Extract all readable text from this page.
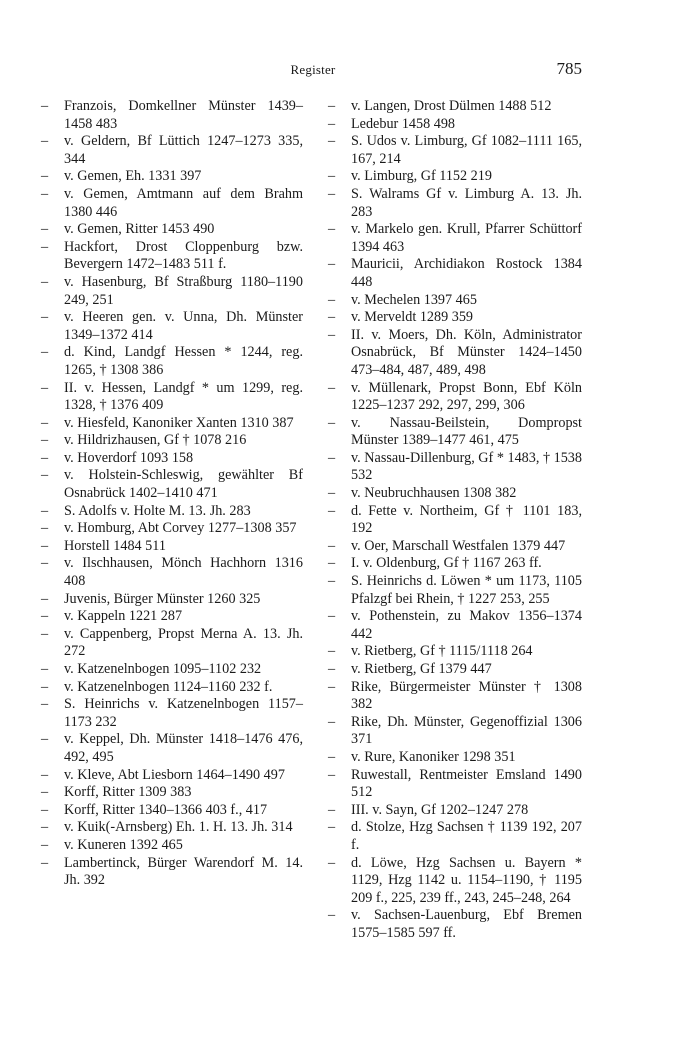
Register	785

– Franzois, Domkellner Münster 1439–1458 483

– v. Geldern, Bf Lüttich 1247–1273 335, 344

– v. Gemen, Eh. 1331 397

– v. Gemen, Amtmann auf dem Brahm 1380 446

– v. Gemen, Ritter 1453 490

– Hackfort, Drost Cloppenburg bzw. Bevergern 1472–1483 511 f.

– v. Hasenburg, Bf Straßburg 1180–1190 249, 251

– v. Heeren gen. v. Unna, Dh. Münster 1349–1372 414

– d. Kind, Landgf Hessen * 1244, reg. 1265, † 1308 386

– II. v. Hessen, Landgf * um 1299, reg. 1328, † 1376 409

– v. Hiesfeld, Kanoniker Xanten 1310 387

– v. Hildrizhausen, Gf † 1078 216

– v. Hoverdorf 1093 158

– v. Holstein-Schleswig, gewählter Bf Osnabrück 1402–1410 471

– S. Adolfs v. Holte M. 13. Jh. 283

– v. Homburg, Abt Corvey 1277–1308 357

– Horstell 1484 511

– v. Ilschhausen, Mönch Hachhorn 1316 408

– Juvenis, Bürger Münster 1260 325

– v. Kappeln 1221 287

– v. Cappenberg, Propst Merna A. 13. Jh. 272

– v. Katzenelnbogen 1095–1102 232

– v. Katzenelnbogen 1124–1160 232 f.

– S. Heinrichs v. Katzenelnbogen 1157–1173 232

– v. Keppel, Dh. Münster 1418–1476 476, 492, 495

– v. Kleve, Abt Liesborn 1464–1490 497

– Korff, Ritter 1309 383

– Korff, Ritter 1340–1366 403 f., 417

– v. Kuik(-Arnsberg) Eh. 1. H. 13. Jh. 314

– v. Kuneren 1392 465

– Lambertinck, Bürger Warendorf M. 14. Jh. 392

– v. Langen, Drost Dülmen 1488 512

– Ledebur 1458 498

– S. Udos v. Limburg, Gf 1082–1111 165, 167, 214

– v. Limburg, Gf 1152 219

– S. Walrams Gf v. Limburg A. 13. Jh. 283

– v. Markelo gen. Krull, Pfarrer Schüttorf 1394 463

– Mauricii, Archidiakon Rostock 1384 448

– v. Mechelen 1397 465

– v. Merveldt 1289 359

– II. v. Moers, Dh. Köln, Administrator Osnabrück, Bf Münster 1424–1450 473–484, 487, 489, 498

– v. Müllenark, Propst Bonn, Ebf Köln 1225–1237 292, 297, 299, 306

– v. Nassau-Beilstein, Dompropst Münster 1389–1477 461, 475

– v. Nassau-Dillenburg, Gf * 1483, † 1538 532

– v. Neubruchhausen 1308 382

– d. Fette v. Northeim, Gf † 1101 183, 192

– v. Oer, Marschall Westfalen 1379 447

– I. v. Oldenburg, Gf † 1167 263 ff.

– S. Heinrichs d. Löwen * um 1173, 1105 Pfalzgf bei Rhein, † 1227 253, 255

– v. Pothenstein, zu Makov 1356–1374 442

– v. Rietberg, Gf † 1115/1118 264

– v. Rietberg, Gf 1379 447

– Rike, Bürgermeister Münster † 1308 382

– Rike, Dh. Münster, Gegenoffizial 1306 371

– v. Rure, Kanoniker 1298 351

– Ruwestall, Rentmeister Emsland 1490 512

– III. v. Sayn, Gf 1202–1247 278

– d. Stolze, Hzg Sachsen † 1139 192, 207 f.

– d. Löwe, Hzg Sachsen u. Bayern * 1129, Hzg 1142 u. 1154–1190, † 1195 209 f., 225, 239 ff., 243, 245–248, 264

– v. Sachsen-Lauenburg, Ebf Bremen 1575–1585 597 ff.
